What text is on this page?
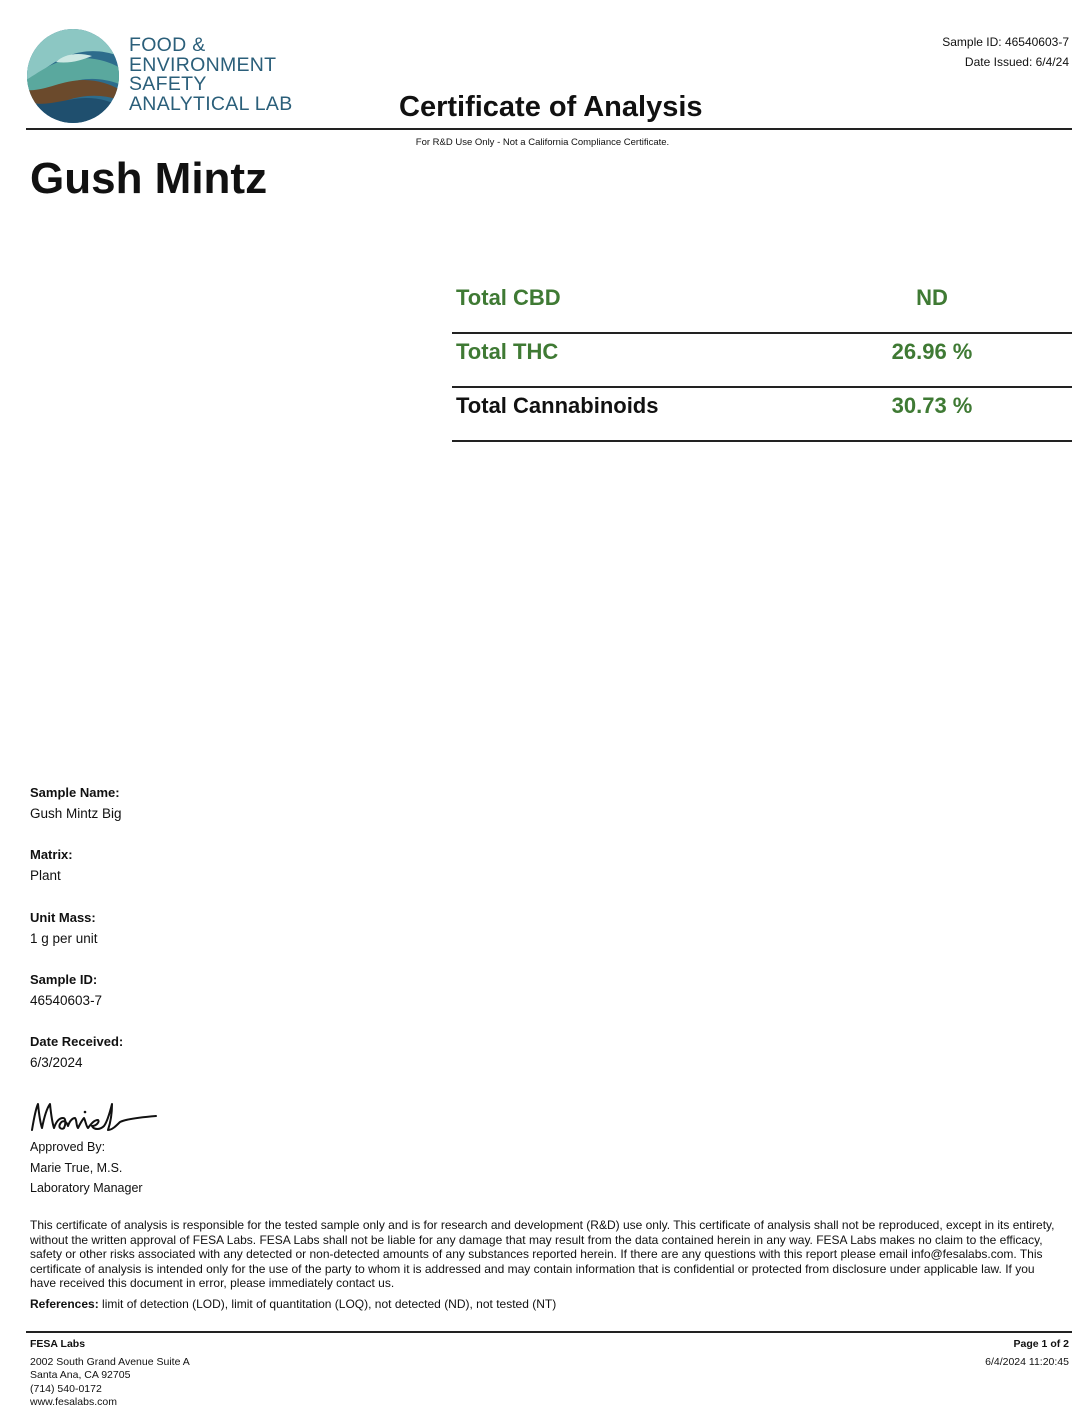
FOOD &
ENVIRONMENT
SAFETY
ANALYTICAL LAB
Sample ID: 46540603-7
Date Issued: 6/4/24
Certificate of Analysis
For R&D Use Only - Not a California Compliance Certificate.
Gush Mintz
Total CBD	ND
Total THC	26.96 %
Total Cannabinoids	30.73 %
Sample Name:
Gush Mintz Big
Matrix:
Plant
Unit Mass:
1 g per unit
Sample ID:
46540603-7
Date Received:
6/3/2024
Approved By:
Marie True, M.S.
Laboratory Manager
This certificate of analysis is responsible for the tested sample only and is for research and development (R&D) use only. This certificate of analysis shall not be reproduced, except in its entirety, without the written approval of FESA Labs. FESA Labs shall not be liable for any damage that may result from the data contained herein in any way. FESA Labs makes no claim to the efficacy, safety or other risks associated with any detected or non-detected amounts of any substances reported herein. If there are any questions with this report please email info@fesalabs.com. This certificate of analysis is intended only for the use of the party to whom it is addressed and may contain information that is confidential or protected from disclosure under applicable law. If you have received this document in error, please immediately contact us.
References: limit of detection (LOD), limit of quantitation (LOQ), not detected (ND), not tested (NT)
FESA Labs
2002 South Grand Avenue Suite A
Santa Ana, CA 92705
(714) 540-0172
www.fesalabs.com
Page 1 of 2
6/4/2024 11:20:45
